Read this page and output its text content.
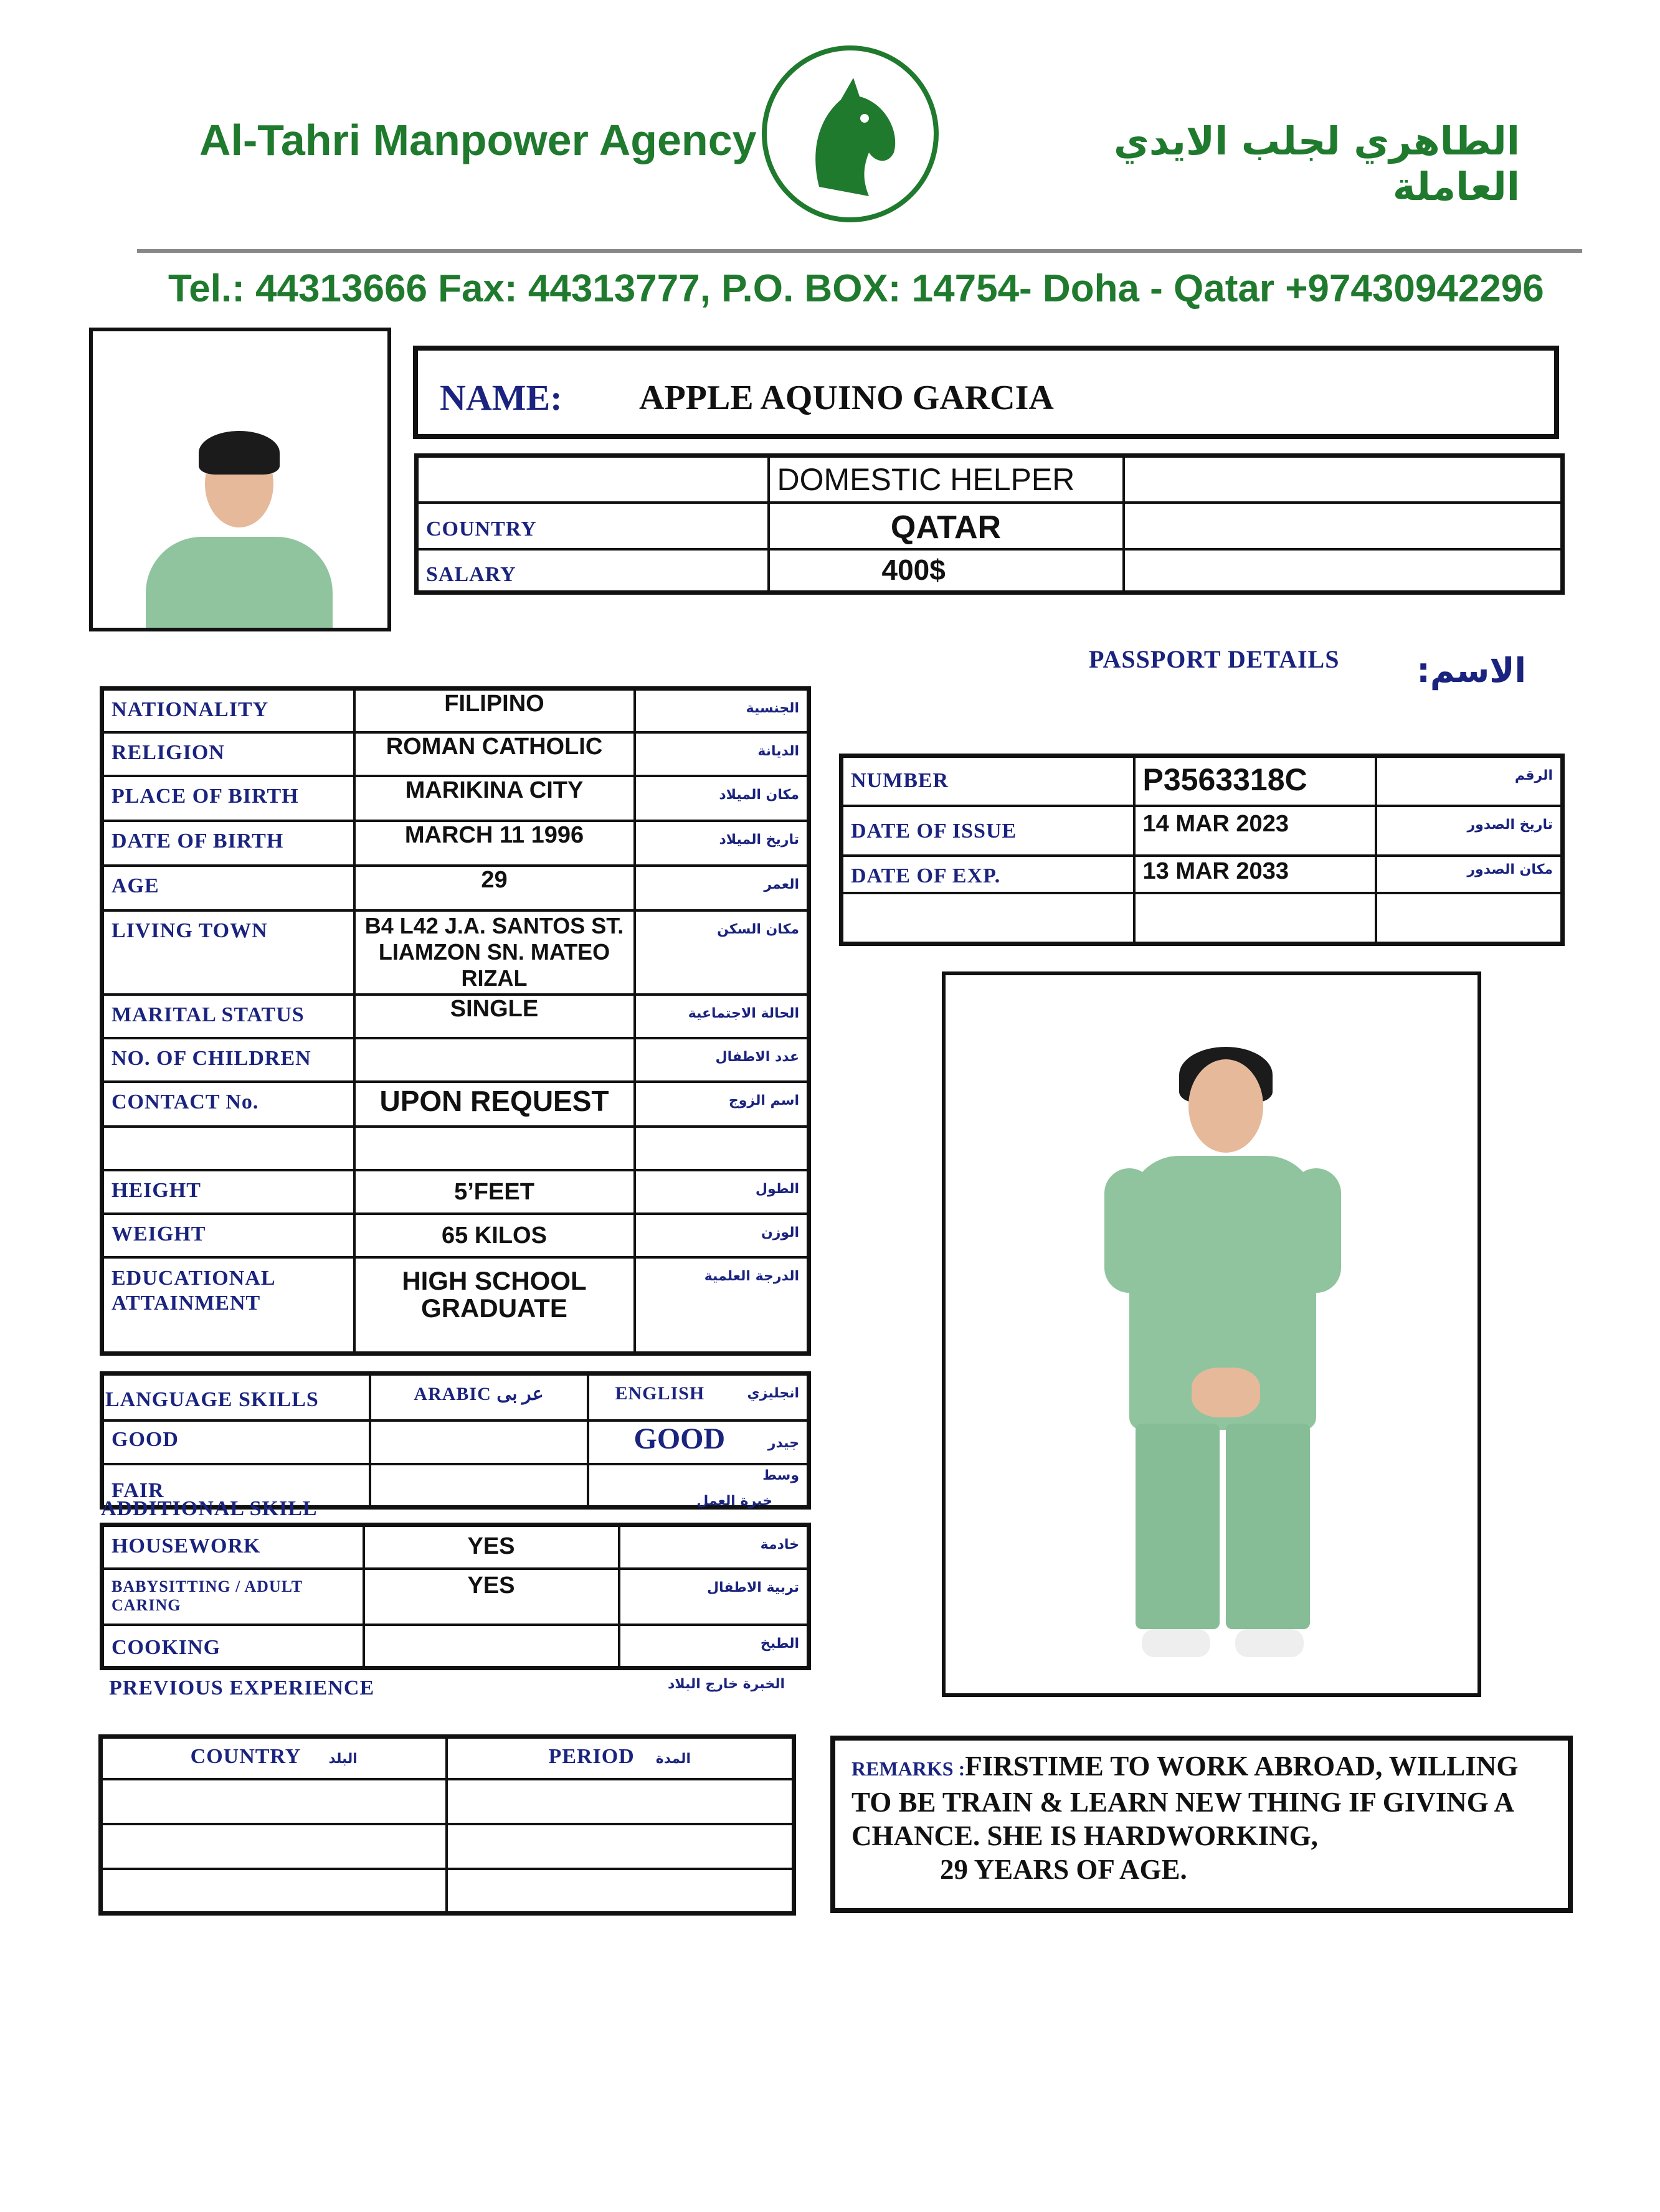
Al-Tahri Manpower Agency	الطاهري لجلب الايدي العاملة
Tel.: 44313666 Fax: 44313777, P.O. BOX: 14754- Doha - Qatar +97430942296
NAME: APPLE AQUINO GARCIA
	DOMESTIC HELPER	
COUNTRY	QATAR	
SALARY	400$	
PASSPORT DETAILS الاسم:
NUMBER	P3563318C	الرقم
DATE OF ISSUE	14 MAR 2023	تاريخ الصدور
DATE OF EXP.	13 MAR 2033	مكان الصدور

NATIONALITY	FILIPINO	الجنسية
RELIGION	ROMAN CATHOLIC	الديانة
PLACE OF BIRTH	MARIKINA CITY	مكان الميلاد
DATE OF BIRTH	MARCH 11 1996	تاريخ الميلاد
AGE	29	العمر
LIVING TOWN	B4 L42 J.A. SANTOS ST. LIAMZON SN. MATEO RIZAL	مكان السكن
MARITAL STATUS	SINGLE	الحالة الاجتماعية
NO. OF CHILDREN		عدد الاطفال
CONTACT No.	UPON REQUEST	اسم الزوج

HEIGHT	5’FEET	الطول
WEIGHT	65 KILOS	الوزن
EDUCATIONAL ATTAINMENT	HIGH SCHOOL GRADUATE	الدرجة العلمية
LANGUAGE SKILLS	ARABIC عر بى	ENGLISH انجليزي

GOOD		GOOD جيدر

FAIR		وسط
ADDITIONAL SKILL	خبرة العمل
HOUSEWORK	YES	خادمة
BABYSITTING / ADULT CARING	YES	تربية الاطفال
COOKING		الطبخ
PREVIOUS EXPERIENCE	الخبرة خارج البلاد
COUNTRY البلد	PERIOD المدة

		REMARKS :FIRSTIME TO WORK ABROAD, WILLING TO BE TRAIN & LEARN NEW THING IF GIVING A CHANCE. SHE IS HARDWORKING,
29 YEARS OF AGE.
